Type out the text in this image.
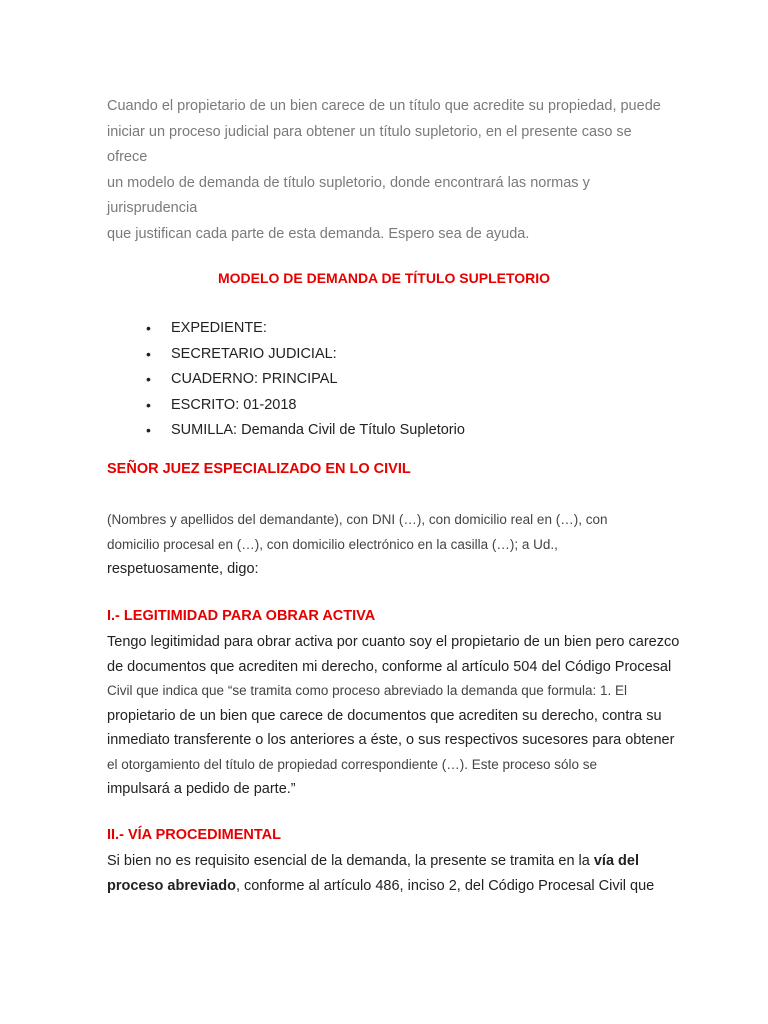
Cuando el propietario de un bien carece de un título que acredite su propiedad, puede
iniciar un proceso judicial para obtener un título supletorio, en el presente caso se ofrece
un modelo de demanda de título supletorio, donde encontrará las normas y jurisprudencia
que justifican cada parte de esta demanda. Espero sea de ayuda.
MODELO DE DEMANDA DE TÍTULO SUPLETORIO
• EXPEDIENTE:
• SECRETARIO JUDICIAL:
• CUADERNO: PRINCIPAL
• ESCRITO: 01-2018
• SUMILLA: Demanda Civil de Título Supletorio
SEÑOR JUEZ ESPECIALIZADO EN LO CIVIL
(Nombres y apellidos del demandante), con DNI (…), con domicilio real en (…), con
domicilio procesal en (…), con domicilio electrónico en la casilla (…); a Ud.,
respetuosamente, digo:
I.- LEGITIMIDAD PARA OBRAR ACTIVA
Tengo legitimidad para obrar activa por cuanto soy el propietario de un bien pero carezco
de documentos que acrediten mi derecho, conforme al artículo 504 del Código Procesal
Civil que indica que “se tramita como proceso abreviado la demanda que formula: 1. El
propietario de un bien que carece de documentos que acrediten su derecho, contra su
inmediato transferente o los anteriores a éste, o sus respectivos sucesores para obtener
el otorgamiento del título de propiedad correspondiente (…). Este proceso sólo se
impulsará a pedido de parte.”
II.- VÍA PROCEDIMENTAL
Si bien no es requisito esencial de la demanda, la presente se tramita en la vía del
proceso abreviado, conforme al artículo 486, inciso 2, del Código Procesal Civil que
